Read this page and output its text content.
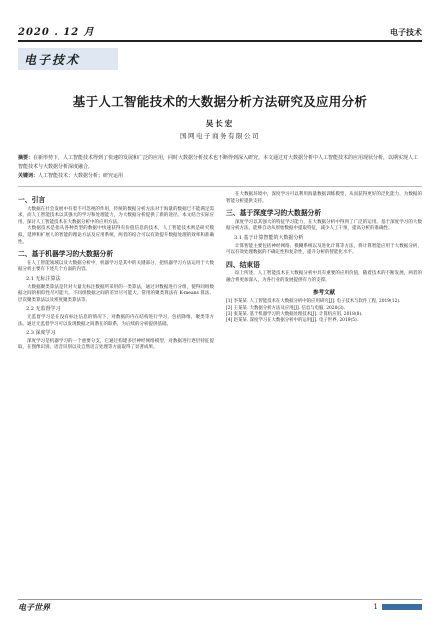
2020 . 12 月	电子技术
电子技术
基于人工智能技术的大数据分析方法研究及应用分析
吴长宏
国网电子商务有限公司
摘要：在新形势下，人工智能技术得到了快速的发展和广泛的应用，同时大数据分析技术也不断得到深入研究。本文通过对大数据分析中人工智能技术的应用现状分析，以期实现人工智能技术与大数据分析深度融合。
关键词：人工智能技术；大数据分析；研究运用
一、引言

大数据在社会发展中有着不可忽视的作用，传统的数据分析方法对于海量的数据已不能满足需求，而人工智能技术以其强大的学习和处理能力，为大数据分析提供了新的途径。本文结合实际应用，探讨人工智能技术在大数据分析中的应用方法。

大数据技术是指从各种类型的数据中快速获得有价值信息的技术，人工智能技术则是研究模拟、延伸和扩展人的智能的理论方法及应用系统，两者的结合可以有效提升数据处理的效率和准确性。

二、基于机器学习的大数据分析

在人工智能领域以及大数据分析中，机器学习是其中的关键部分，把机器学习方法运用于大数据分析主要有下述几个方面的内容。

2.1 无标注算法

大数据聚类算法是针对大量无标注数据所采用的一类算法，通过对数据进行分组，使得同组数据之间的相似性尽可能大，不同组数据之间的差异尽可能大。常用的聚类算法有 K-means 算法、层次聚类算法以及密度聚类算法等。

2.2 无监督学习

无监督学习是在没有标注信息的情况下，对数据的内在结构进行学习，包括降维、聚类等方法。通过无监督学习可以发现数据之间潜在的联系，为后续的分析提供基础。

2.3 深度学习

深度学习是机器学习的一个重要分支，它通过构建多层神经网络模型，对数据进行逐层特征提取，在图像识别、语音识别以及自然语言处理等方面取得了显著成果。

在大数据环境中，深度学习可以利用海量数据训练模型，从而获得更好的泛化能力，为数据的智能分析提供支持。

三、基于深度学习的大数据分析

深度学习以其强大的特征学习能力，在大数据分析中得到了广泛的运用。基于深度学习的大数据分析方法，能够自动从原始数据中提取特征，减少人工干预，提高分析的准确性。

3.1 基于计算智能的大数据分析

计算智能主要包括神经网络、模糊系统以及进化计算等方法，将计算智能应用于大数据分析，可以有效处理数据的不确定性和复杂性，提升分析的智能化水平。

四、结束语

综上所述，人工智能技术在大数据分析中具有重要的应用价值，随着技术的不断发展，两者的融合将更加深入，为各行业的发展提供有力的支撑。

参考文献
[1] 李某某. 人工智能技术在大数据分析中的应用研究[J]. 电子技术与软件工程, 2019(12).
[2] 王某某. 大数据分析方法及应用[J]. 信息与电脑, 2020(3).
[3] 张某某. 基于机器学习的大数据处理技术[J]. 计算机应用, 2018(8).
[4] 赵某某. 深度学习在大数据分析中的运用[J]. 电子世界, 2019(5).
电子世界	1
